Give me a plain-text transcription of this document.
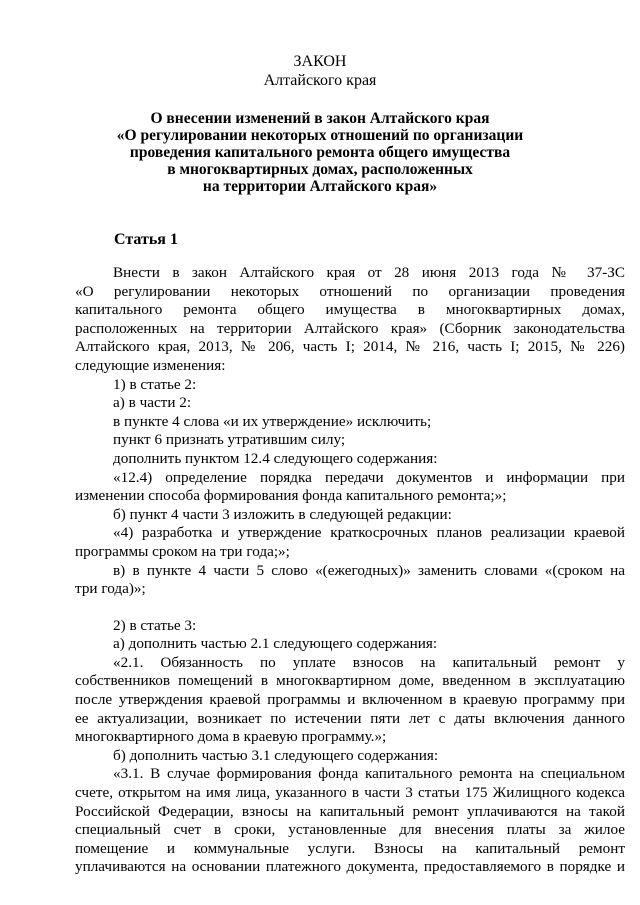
ЗАКОН
Алтайского края
О внесении изменений в закон Алтайского края
«О регулировании некоторых отношений по организации
проведения капитального ремонта общего имущества
в многоквартирных домах, расположенных
на территории Алтайского края»
Статья 1
Внести в закон Алтайского края от 28 июня 2013 года № 37-ЗС
«О регулировании некоторых отношений по организации проведения
капитального ремонта общего имущества в многоквартирных домах,
расположенных на территории Алтайского края» (Сборник законодательства
Алтайского края, 2013, № 206, часть I; 2014, № 216, часть I; 2015, № 226)
следующие изменения:
1) в статье 2:
а) в части 2:
в пункте 4 слова «и их утверждение» исключить;
пункт 6 признать утратившим силу;
дополнить пунктом 12.4 следующего содержания:
«12.4) определение порядка передачи документов и информации при
изменении способа формирования фонда капитального ремонта;»;
б) пункт 4 части 3 изложить в следующей редакции:
«4) разработка и утверждение краткосрочных планов реализации краевой
программы сроком на три года;»;
в) в пункте 4 части 5 слово «(ежегодных)» заменить словами «(сроком на
три года)»;
2) в статье 3:
а) дополнить частью 2.1 следующего содержания:
«2.1. Обязанность по уплате взносов на капитальный ремонт у
собственников помещений в многоквартирном доме, введенном в эксплуатацию
после утверждения краевой программы и включенном в краевую программу при
ее актуализации, возникает по истечении пяти лет с даты включения данного
многоквартирного дома в краевую программу.»;
б) дополнить частью 3.1 следующего содержания:
«3.1. В случае формирования фонда капитального ремонта на специальном
счете, открытом на имя лица, указанного в части 3 статьи 175 Жилищного кодекса
Российской Федерации, взносы на капитальный ремонт уплачиваются на такой
специальный счет в сроки, установленные для внесения платы за жилое
помещение и коммунальные услуги. Взносы на капитальный ремонт
уплачиваются на основании платежного документа, предоставляемого в порядке и
